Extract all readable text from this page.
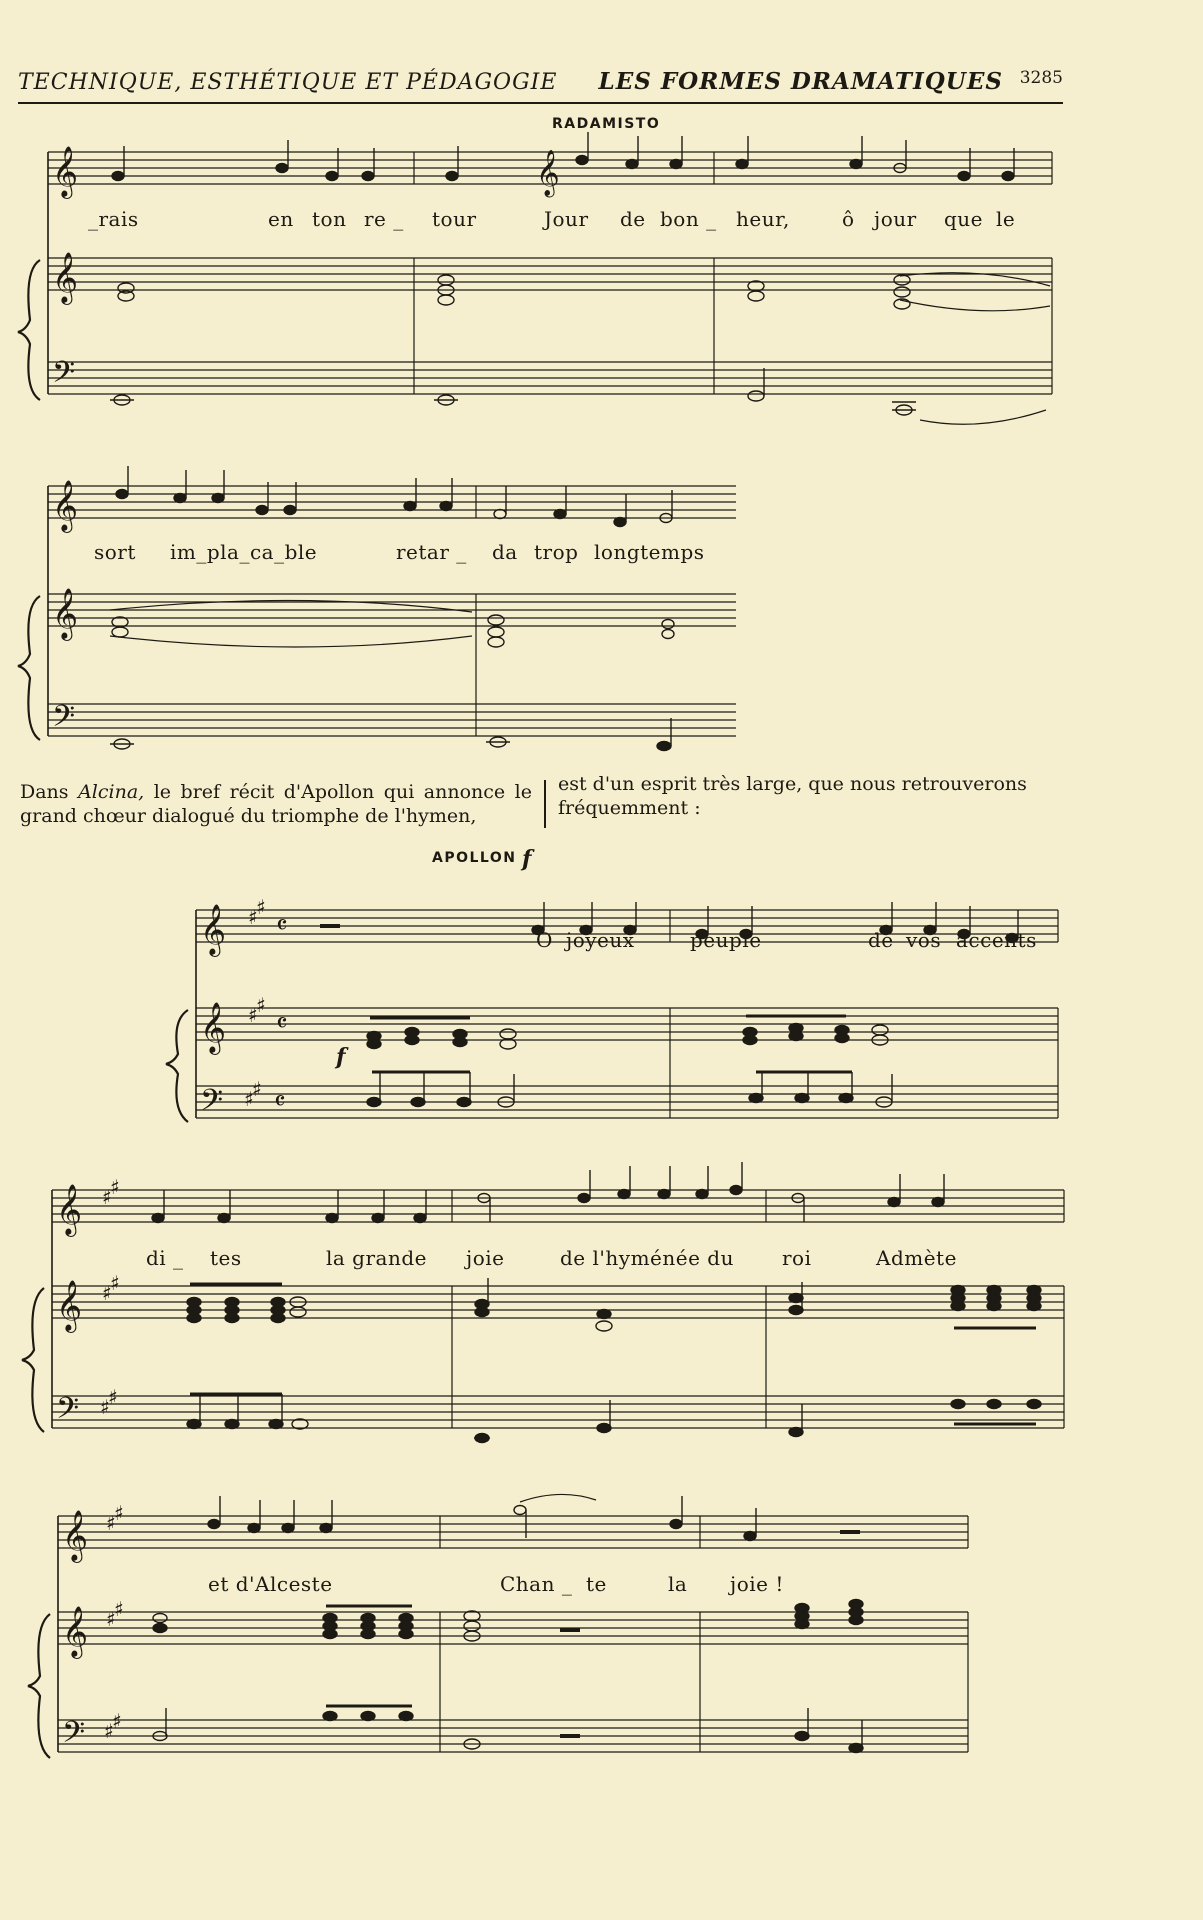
TECHNIQUE, ESTHÉTIQUE ET PÉDAGOGIE LES FORMES DRAMATIQUES 3285
RADAMISTO
𝄞
𝄞
𝄢
𝄞
_rais	en ton re _ tour	Jour de bon _ heur,	ô jour que le
𝄞
𝄞
𝄢
sort im_pla_ca_ble	retar _ da trop longtemps
Dans Alcina, le bref récit d'Apollon qui annonce le grand chœur dialogué du triomphe de l'hymen,
est d'un esprit très large, que nous retrouverons fréquemment :
APOLLON f
𝄞
𝄞
𝄢
♯
♯
♯
♯
♯
♯
𝄴
𝄴
𝄴
f
O joyeux	peuple	de vos accents
𝄞
𝄞
𝄢
♯
♯
♯
♯
♯
♯
di _ tes	la grande joie	de l'hyménée du roi	Admète
𝄞
𝄞
𝄢
♯
♯
♯
♯
♯
♯
et d'Alceste	Chan _ te	la joie !
